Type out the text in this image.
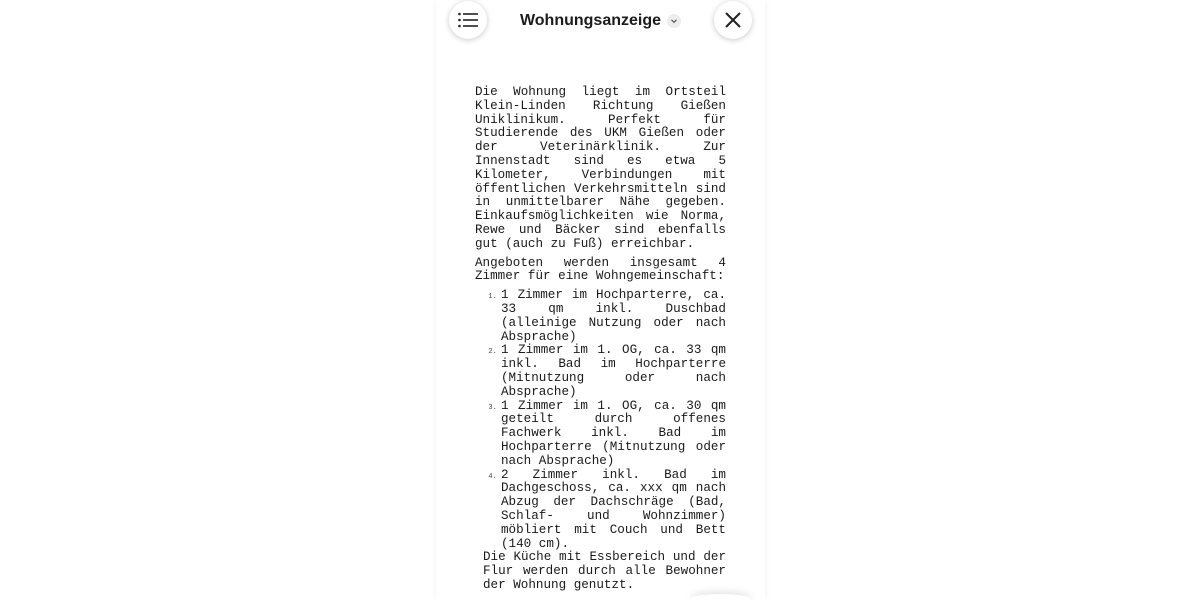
Wohnungsanzeige

Die Wohnung liegt im Ortsteil Klein-Linden Richtung Gießen Uniklinikum. Perfekt für Studierende des UKM Gießen oder der Veterinärklinik. Zur Innenstadt sind es etwa 5 Kilometer, Verbindungen mit öffentlichen Verkehrsmitteln sind in unmittelbarer Nähe gegeben. Einkaufsmöglichkeiten wie Norma, Rewe und Bäcker sind ebenfalls gut (auch zu Fuß) erreichbar.

Angeboten werden insgesamt 4 Zimmer für eine Wohngemeinschaft:

1. 1 Zimmer im Hochparterre, ca. 33 qm inkl. Duschbad (alleinige Nutzung oder nach Absprache)
2. 1 Zimmer im 1. OG, ca. 33 qm inkl. Bad im Hochparterre (Mitnutzung oder nach Absprache)
3. 1 Zimmer im 1. OG, ca. 30 qm geteilt durch offenes Fachwerk inkl. Bad im Hochparterre (Mitnutzung oder nach Absprache)
4. 2 Zimmer inkl. Bad im Dachgeschoss, ca. xxx qm nach Abzug der Dachschräge (Bad, Schlaf- und Wohnzimmer) möbliert mit Couch und Bett (140 cm).

Die Küche mit Essbereich und der Flur werden durch alle Bewohner der Wohnung genutzt.
